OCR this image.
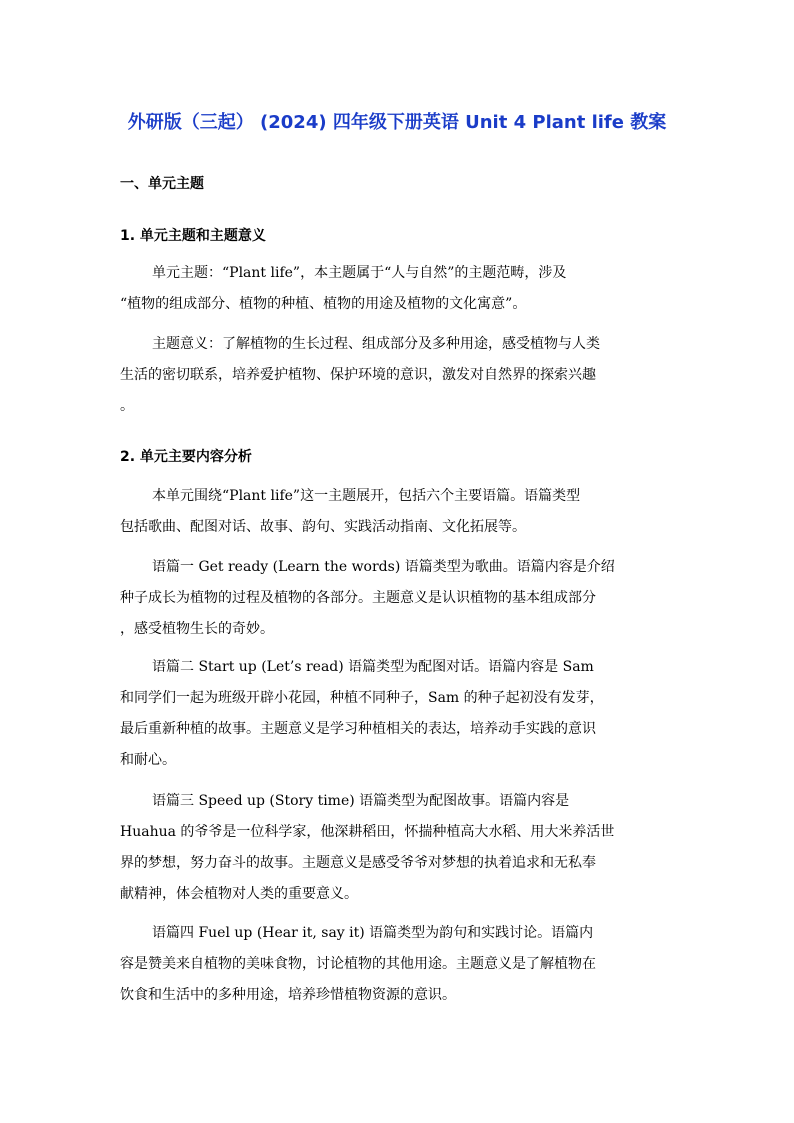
外研版（三起） (2024) 四年级下册英语 Unit 4 Plant life 教案
一、单元主题
1. 单元主题和主题意义

单元主题：“Plant life”，本主题属于“人与自然”的主题范畴，涉及
“植物的组成部分、植物的种植、植物的用途及植物的文化寓意”。

主题意义：了解植物的生长过程、组成部分及多种用途，感受植物与人类
生活的密切联系，培养爱护植物、保护环境的意识，激发对自然界的探索兴趣
。

2. 单元主要内容分析

本单元围绕“Plant life”这一主题展开，包括六个主要语篇。语篇类型
包括歌曲、配图对话、故事、韵句、实践活动指南、文化拓展等。

语篇一 Get ready (Learn the words) 语篇类型为歌曲。语篇内容是介绍
种子成长为植物的过程及植物的各部分。主题意义是认识植物的基本组成部分
，感受植物生长的奇妙。

语篇二 Start up (Let’s read) 语篇类型为配图对话。语篇内容是 Sam
和同学们一起为班级开辟小花园，种植不同种子，Sam 的种子起初没有发芽，
最后重新种植的故事。主题意义是学习种植相关的表达，培养动手实践的意识
和耐心。

语篇三 Speed up (Story time) 语篇类型为配图故事。语篇内容是
Huahua 的爷爷是一位科学家，他深耕稻田，怀揣种植高大水稻、用大米养活世
界的梦想，努力奋斗的故事。主题意义是感受爷爷对梦想的执着追求和无私奉
献精神，体会植物对人类的重要意义。

语篇四 Fuel up (Hear it, say it) 语篇类型为韵句和实践讨论。语篇内
容是赞美来自植物的美味食物，讨论植物的其他用途。主题意义是了解植物在
饮食和生活中的多种用途，培养珍惜植物资源的意识。
